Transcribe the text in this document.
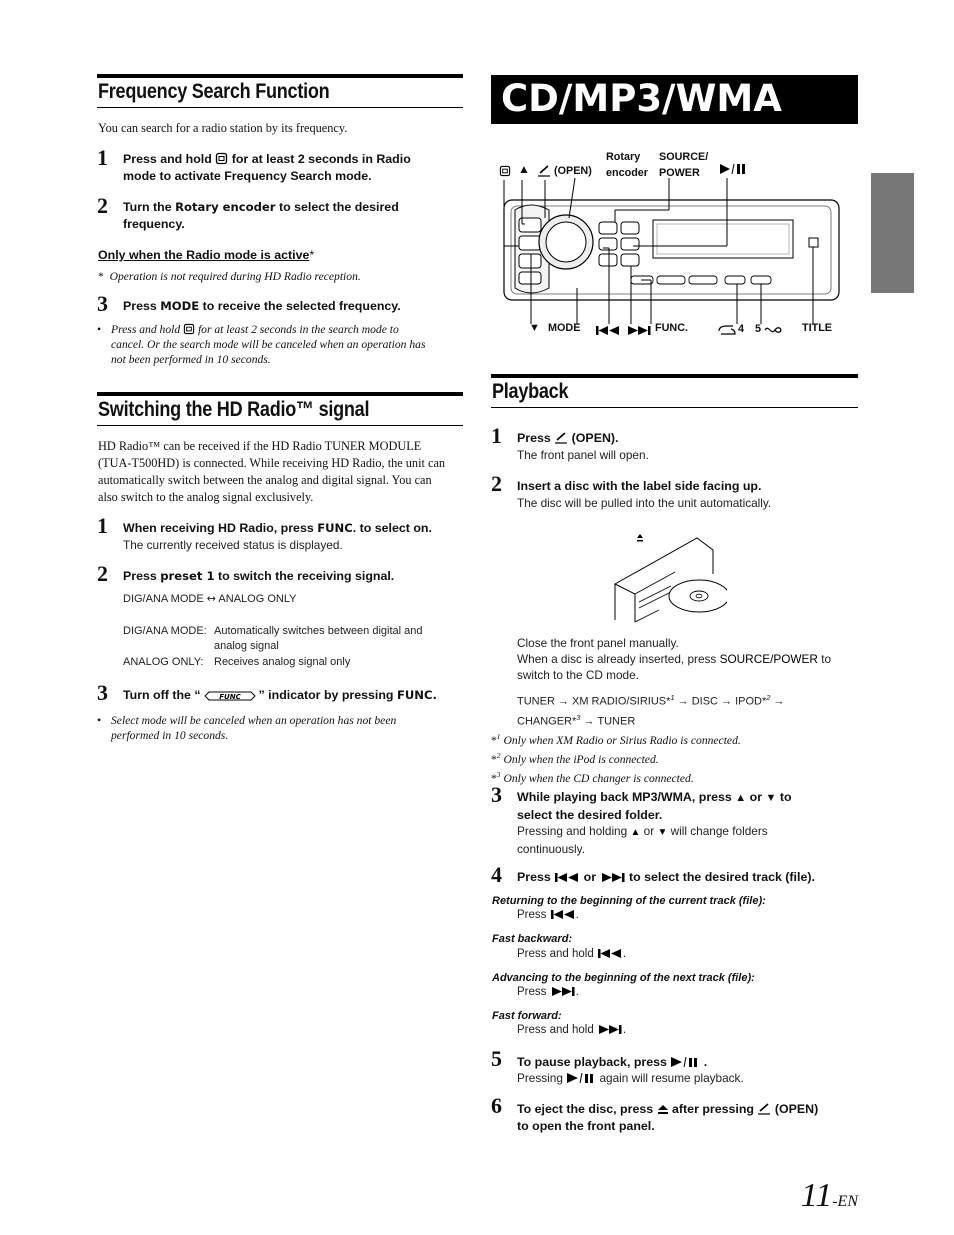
Frequency Search Function
You can search for a radio station by its frequency.
1 Press and hold for at least 2 seconds in Radio
mode to activate Frequency Search mode.
2 Turn the Rotary encoder to select the desired
frequency.
Only when the Radio mode is active*
* Operation is not required during HD Radio reception.
3 Press MODE to receive the selected frequency.
• Press and hold for at least 2 seconds in the search mode to
cancel. Or the search mode will be canceled when an operation has
not been performed in 10 seconds.
Switching the HD Radio™ signal
HD Radio™ can be received if the HD Radio TUNER MODULE
(TUA-T500HD) is connected. While receiving HD Radio, the unit can
automatically switch between the analog and digital signal. You can
also switch to the analog signal exclusively.
1 When receiving HD Radio, press FUNC. to select on.
The currently received status is displayed.
2 Press preset 1 to switch the receiving signal.
DIG/ANA MODE ↔ ANALOG ONLY
DIG/ANA MODE: Automatically switches between digital and
analog signal
ANALOG ONLY: Receives analog signal only
3 Turn off the “	FUNC ” indicator by pressing FUNC.
• Select mode will be canceled when an operation has not been
performed in 10 seconds.
CD/MP3/WMA
▲ (OPEN)
Rotary
encoder
SOURCE/
POWER
▼ MODE	FUNC.	4 5	TITLE
Playback
1 Press (OPEN).
The front panel will open.
2 Insert a disc with the label side facing up.
The disc will be pulled into the unit automatically.
Close the front panel manually.
When a disc is already inserted, press SOURCE/POWER to
switch to the CD mode.
TUNER → XM RADIO/SIRIUS*$^1$ → DISC → IPOD*$^2$ →
CHANGER*$^3$ → TUNER
*$^1$ Only when XM Radio or Sirius Radio is connected.
*$^2$ Only when the iPod is connected.
*$^3$ Only when the CD changer is connected.
3 While playing back MP3/WMA, press ▲ or ▼ to
select the desired folder.
Pressing and holding ▲ or ▼ will change folders
continuously.
4 Press	or	to select the desired track (file).
Returning to the beginning of the current track (file):
Press	.
Fast backward:
Press and hold	.
Advancing to the beginning of the next track (file):
Press	.
Fast forward:
Press and hold	.
5 To pause playback, press	.
Pressing	again will resume playback.
6 To eject the disc, press after pressing (OPEN)
to open the front panel.
11-EN
